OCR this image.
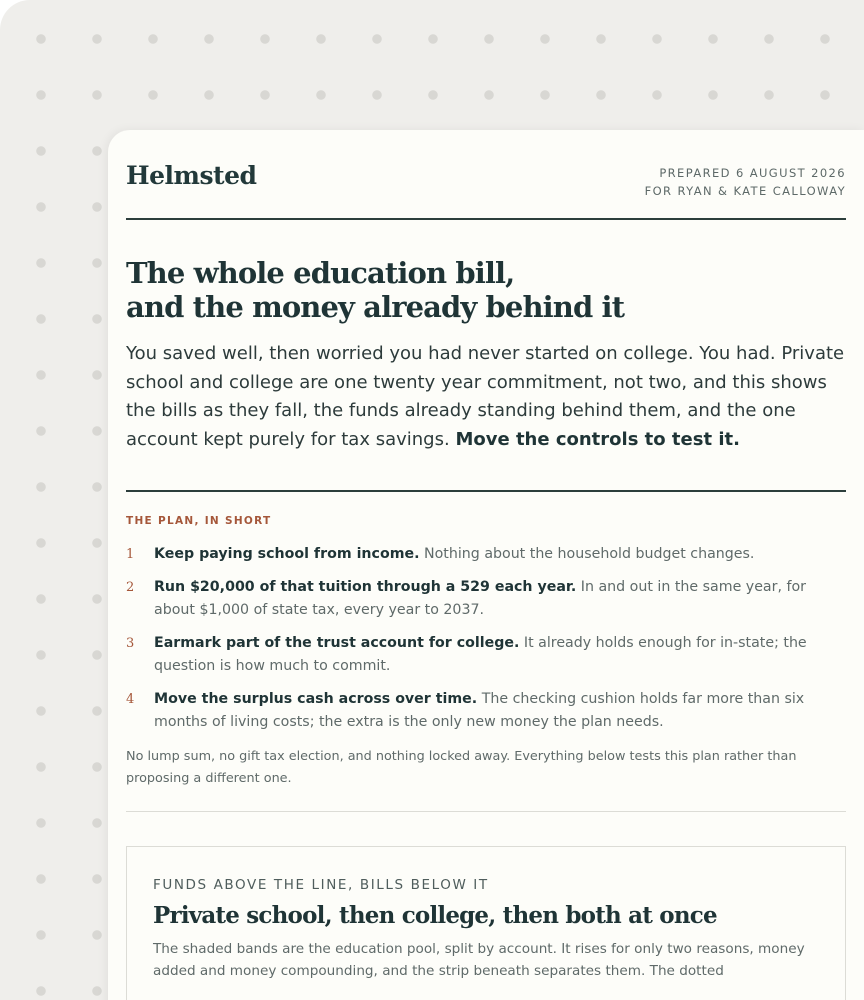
Helmsted	PREPARED 6 AUGUST 2026
FOR RYAN & KATE CALLOWAY
The whole education bill,
and the money already behind it

You saved well, then worried you had never started on college. You had. Private school and college are one twenty year commitment, not two, and this shows the bills as they fall, the funds already standing behind them, and the one account kept purely for tax savings. Move the controls to test it.

THE PLAN, IN SHORT
1 Keep paying school from income. Nothing about the household budget changes.
2 Run $20,000 of that tuition through a 529 each year. In and out in the same year, for about $1,000 of state tax, every year to 2037.
3 Earmark part of the trust account for college. It already holds enough for in-state; the question is how much to commit.
4 Move the surplus cash across over time. The checking cushion holds far more than six months of living costs; the extra is the only new money the plan needs.
No lump sum, no gift tax election, and nothing locked away. Everything below tests this plan rather than proposing a different one.
FUNDS ABOVE THE LINE, BILLS BELOW IT
Private school, then college, then both at once
The shaded bands are the education pool, split by account. It rises for only two reasons, money added and money compounding, and the strip beneath separates them. The dotted
